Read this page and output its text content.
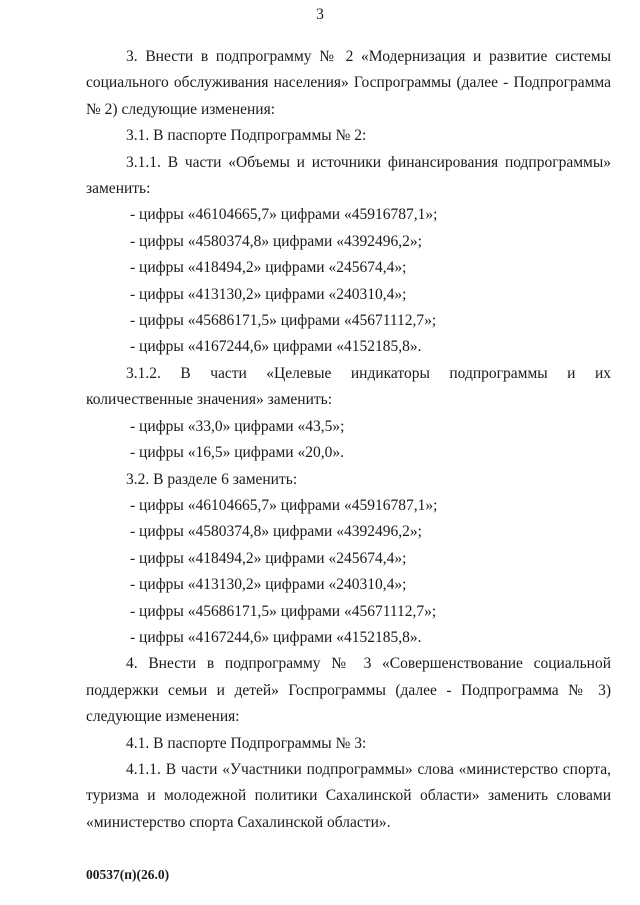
3

3. Внести в подпрограмму № 2 «Модернизация и развитие системы социального обслуживания населения» Госпрограммы (далее - Подпрограмма № 2) следующие изменения:

3.1. В паспорте Подпрограммы № 2:

3.1.1. В части «Объемы и источники финансирования подпрограммы» заменить:

- цифры «46104665,7» цифрами «45916787,1»;

- цифры «4580374,8» цифрами «4392496,2»;

- цифры «418494,2» цифрами «245674,4»;

- цифры «413130,2» цифрами «240310,4»;

- цифры «45686171,5» цифрами «45671112,7»;

- цифры «4167244,6» цифрами «4152185,8».

3.1.2. В части «Целевые индикаторы подпрограммы и их количественные значения» заменить:

- цифры «33,0» цифрами «43,5»;

- цифры «16,5» цифрами «20,0».

3.2. В разделе 6 заменить:

- цифры «46104665,7» цифрами «45916787,1»;

- цифры «4580374,8» цифрами «4392496,2»;

- цифры «418494,2» цифрами «245674,4»;

- цифры «413130,2» цифрами «240310,4»;

- цифры «45686171,5» цифрами «45671112,7»;

- цифры «4167244,6» цифрами «4152185,8».

4. Внести в подпрограмму № 3 «Совершенствование социальной поддержки семьи и детей» Госпрограммы (далее - Подпрограмма № 3) следующие изменения:

4.1. В паспорте Подпрограммы № 3:

4.1.1. В части «Участники подпрограммы» слова «министерство спорта, туризма и молодежной политики Сахалинской области» заменить словами «министерство спорта Сахалинской области».

00537(п)(26.0)
